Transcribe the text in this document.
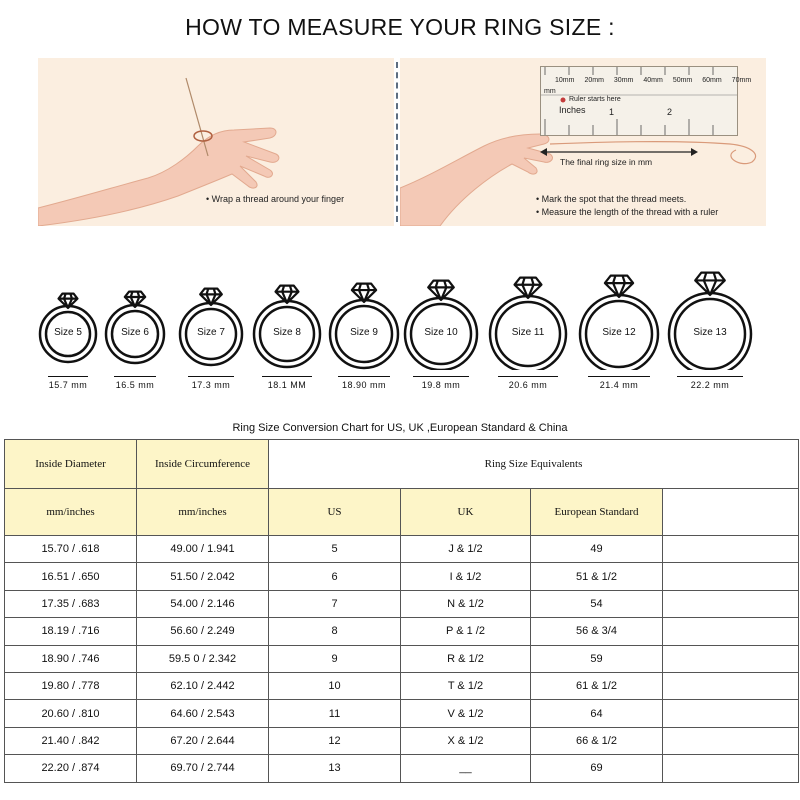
HOW TO MEASURE YOUR RING SIZE :
• Wrap a thread around your finger	• Mark the spot that the thread meets.
• Measure the length of the thread with a ruler
10mm 20mm 30mm 40mm 50mm 60mm 70mm
mm
Ruler starts here
Inches	1	2
The final ring size in mm
Size 5
15.7 mm
Size 6
16.5 mm
Size 7
17.3 mm
Size 8
18.1 MM
Size 9
18.90 mm
Size 10
19.8 mm
Size 11
20.6 mm
Size 12
21.4 mm
Size 13
22.2 mm
Ring Size Conversion Chart for US, UK ,European Standard & China
Inside Diameter	Inside Circumference	Ring Size Equivalents			
mm/inches	mm/inches	US	UK	European Standard	
15.70 / .618	49.00 / 1.941	5	J & 1/2	49	
16.51 / .650	51.50 / 2.042	6	I & 1/2	51 & 1/2	
17.35 / .683	54.00 / 2.146	7	N & 1/2	54	
18.19 / .716	56.60 / 2.249	8	P & 1 /2	56 & 3/4	
18.90 / .746	59.5 0 / 2.342	9	R & 1/2	59	
19.80 / .778	62.10 / 2.442	10	T & 1/2	61 & 1/2	
20.60 / .810	64.60 / 2.543	11	V & 1/2	64	
21.40 / .842	67.20 / 2.644	12	X & 1/2	66 & 1/2	
22.20 / .874	69.70 / 2.744	13	__	69	
